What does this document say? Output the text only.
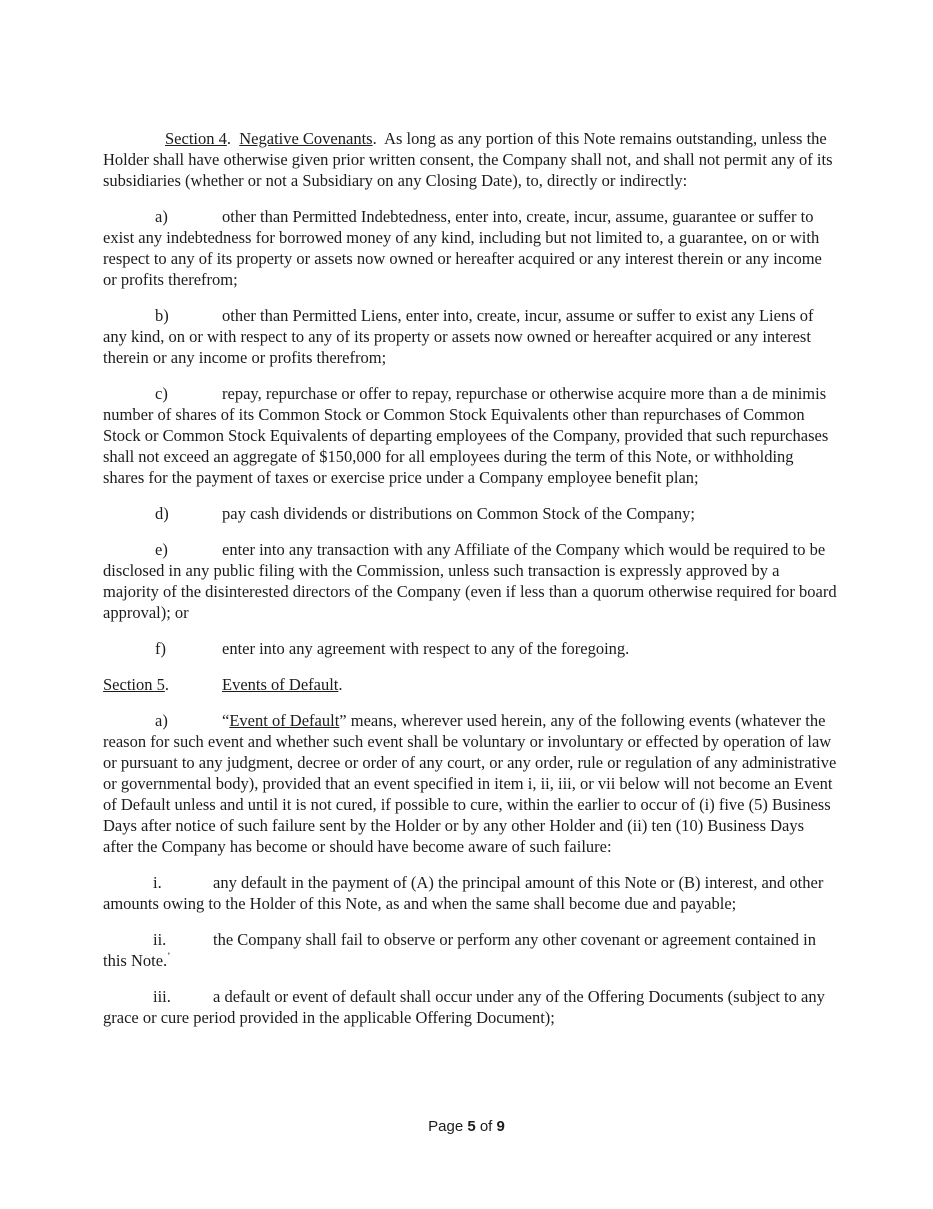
Section 4.  Negative Covenants.  As long as any portion of this Note remains outstanding, unless the Holder shall have otherwise given prior written consent, the Company shall not, and shall not permit any of its subsidiaries (whether or not a Subsidiary on any Closing Date), to, directly or indirectly:

a)	other than Permitted Indebtedness, enter into, create, incur, assume, guarantee or suffer to exist any indebtedness for borrowed money of any kind, including but not limited to, a guarantee, on or with respect to any of its property or assets now owned or hereafter acquired or any interest therein or any income or profits therefrom;

b)	other than Permitted Liens, enter into, create, incur, assume or suffer to exist any Liens of any kind, on or with respect to any of its property or assets now owned or hereafter acquired or any interest therein or any income or profits therefrom;

c)	repay, repurchase or offer to repay, repurchase or otherwise acquire more than a de minimis number of shares of its Common Stock or Common Stock Equivalents other than repurchases of Common Stock or Common Stock Equivalents of departing employees of the Company, provided that such repurchases shall not exceed an aggregate of $150,000 for all employees during the term of this Note, or withholding shares for the payment of taxes or exercise price under a Company employee benefit plan;

d)	pay cash dividends or distributions on Common Stock of the Company;

e)	enter into any transaction with any Affiliate of the Company which would be required to be disclosed in any public filing with the Commission, unless such transaction is expressly approved by a majority of the disinterested directors of the Company (even if less than a quorum otherwise required for board approval); or

f)	enter into any agreement with respect to any of the foregoing.

Section 5.	Events of Default.

a)	“Event of Default” means, wherever used herein, any of the following events (whatever the reason for such event and whether such event shall be voluntary or involuntary or effected by operation of law or pursuant to any judgment, decree or order of any court, or any order, rule or regulation of any administrative or governmental body), provided that an event specified in item i, ii, iii, or vii below will not become an Event of Default unless and until it is not cured, if possible to cure, within the earlier to occur of (i) five (5) Business Days after notice of such failure sent by the Holder or by any other Holder and (ii) ten (10) Business Days after the Company has become or should have become aware of such failure:

i.	any default in the payment of (A) the principal amount of this Note or (B) interest, and other amounts owing to the Holder of this Note, as and when the same shall become due and payable;

ii.	the Company shall fail to observe or perform any other covenant or agreement contained in this Note.’

iii.	a default or event of default shall occur under any of the Offering Documents (subject to any grace or cure period provided in the applicable Offering Document);

Page 5 of 9
